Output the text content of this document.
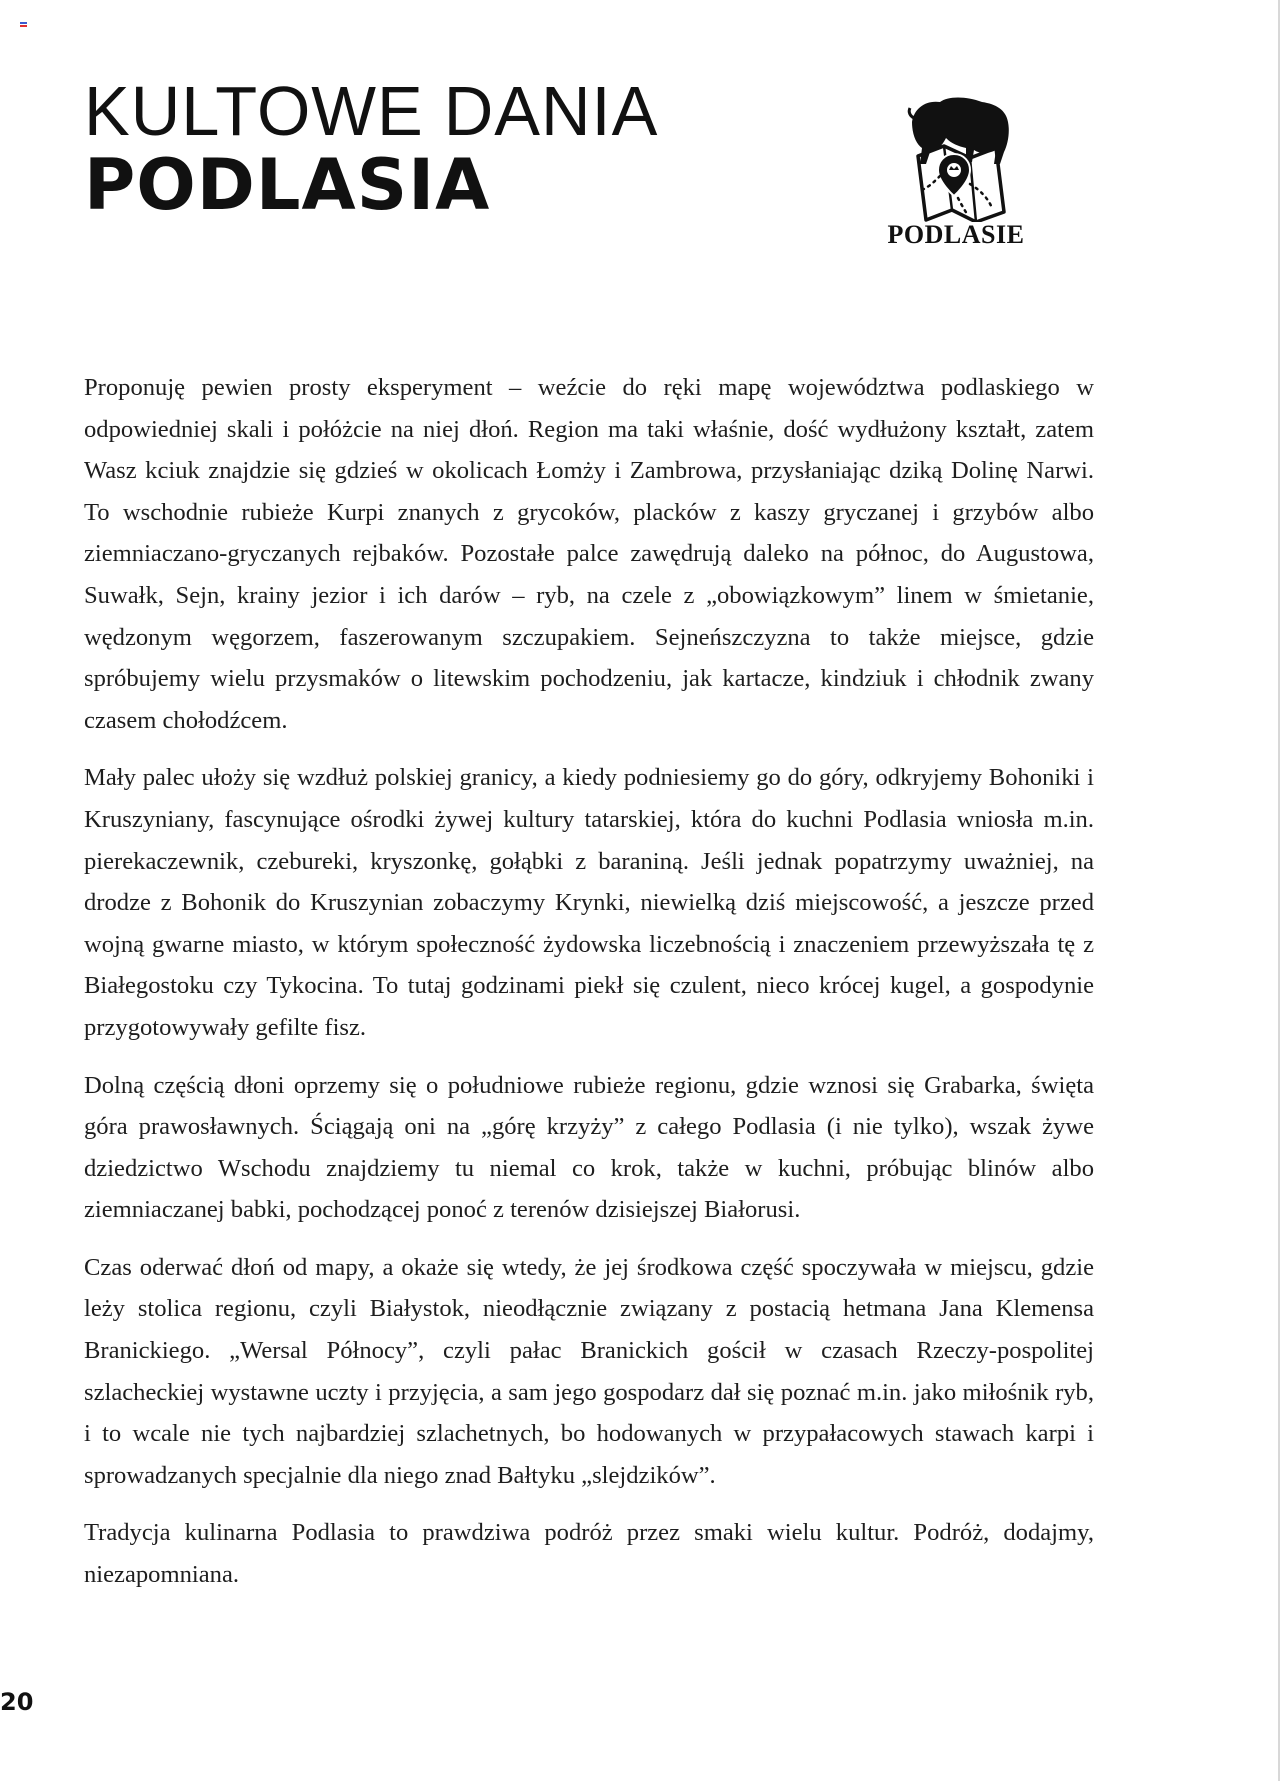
KULTOWE DANIA
PODLASIA
PODLASIE

Proponuję pewien prosty eksperyment – weźcie do ręki mapę województwa podlaskiego w odpowiedniej skali i połóżcie na niej dłoń. Region ma taki właśnie, dość wydłużony kształt, zatem Wasz kciuk znajdzie się gdzieś w okolicach Łomży i Zambrowa, przysłaniając dziką Dolinę Narwi. To wschodnie rubieże Kurpi znanych z grycoków, placków z kaszy gryczanej i grzybów albo ziemniaczano-gryczanych rejbaków. Pozostałe palce zawędrują daleko na północ, do Augustowa, Suwałk, Sejn, krainy jezior i ich darów – ryb, na czele z „obowiązkowym” linem w śmietanie, wędzonym węgorzem, faszerowanym szczupakiem. Sejneńszczyzna to także miejsce, gdzie spróbujemy wielu przysmaków o litewskim pochodzeniu, jak kartacze, kindziuk i chłodnik zwany czasem chołodźcem.

Mały palec ułoży się wzdłuż polskiej granicy, a kiedy podniesiemy go do góry, odkryjemy Bohoniki i Kruszyniany, fascynujące ośrodki żywej kultury tatarskiej, która do kuchni Podlasia wniosła m.in. pierekaczewnik, czebureki, kryszonkę, gołąbki z baraniną. Jeśli jednak popatrzymy uważniej, na drodze z Bohonik do Kruszynian zobaczymy Krynki, niewielką dziś miejscowość, a jeszcze przed wojną gwarne miasto, w którym społeczność żydowska liczebnością i znaczeniem przewyższała tę z Białegostoku czy Tykocina. To tutaj godzinami piekł się czulent, nieco krócej kugel, a gospodynie przygotowywały gefilte fisz.

Dolną częścią dłoni oprzemy się o południowe rubieże regionu, gdzie wznosi się Grabarka, święta góra prawosławnych. Ściągają oni na „górę krzyży” z całego Podlasia (i nie tylko), wszak żywe dziedzictwo Wschodu znajdziemy tu niemal co krok, także w kuchni, próbując blinów albo ziemniaczanej babki, pochodzącej ponoć z terenów dzisiejszej Białorusi.

Czas oderwać dłoń od mapy, a okaże się wtedy, że jej środkowa część spoczywała w miejscu, gdzie leży stolica regionu, czyli Białystok, nieodłącznie związany z postacią hetmana Jana Klemensa Branickiego. „Wersal Północy”, czyli pałac Branickich gościł w czasach Rzeczy-pospolitej szlacheckiej wystawne uczty i przyjęcia, a sam jego gospodarz dał się poznać m.in. jako miłośnik ryb, i to wcale nie tych najbardziej szlachetnych, bo hodowanych w przypałacowych stawach karpi i sprowadzanych specjalnie dla niego znad Bałtyku „slejdzików”.

Tradycja kulinarna Podlasia to prawdziwa podróż przez smaki wielu kultur. Podróż, dodajmy, niezapomniana.

20
